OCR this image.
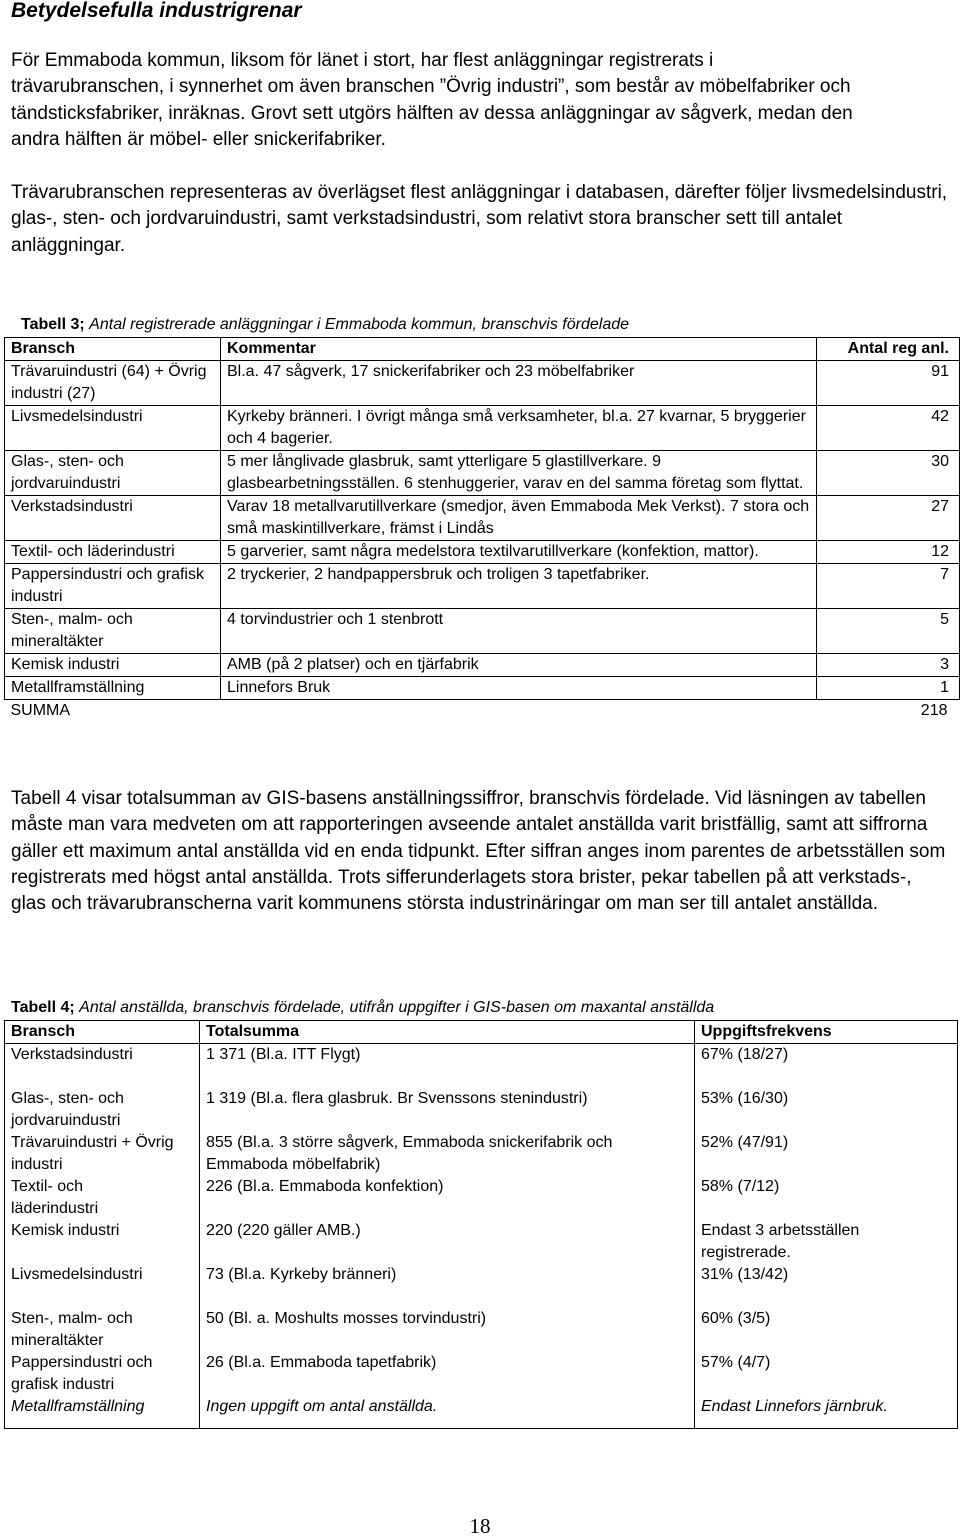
Betydelsefulla industrigrenar

För Emmaboda kommun, liksom för länet i stort, har flest anläggningar registrerats i trävarubranschen, i synnerhet om även branschen ”Övrig industri”, som består av möbelfabriker och tändsticksfabriker, inräknas. Grovt sett utgörs hälften av dessa anläggningar av sågverk, medan den andra hälften är möbel- eller snickerifabriker.

Trävarubranschen representeras av överlägset flest anläggningar i databasen, därefter följer livsmedelsindustri, glas-, sten- och jordvaruindustri, samt verkstadsindustri, som relativt stora branscher sett till antalet anläggningar.

Tabell 3; Antal registrerade anläggningar i Emmaboda kommun, branschvis fördelade
Bransch	Kommentar	Antal reg anl.
Trävaruindustri (64) + Övrig industri (27)	Bl.a. 47 sågverk, 17 snickerifabriker och 23 möbelfabriker	91
Livsmedelsindustri	Kyrkeby bränneri. I övrigt många små verksamheter, bl.a. 27 kvarnar, 5 bryggerier och 4 bagerier.	42
Glas-, sten- och jordvaruindustri	5 mer långlivade glasbruk, samt ytterligare 5 glastillverkare. 9 glasbearbetningsställen. 6 stenhuggerier, varav en del samma företag som flyttat.	30
Verkstadsindustri	Varav 18 metallvarutillverkare (smedjor, även Emmaboda Mek Verkst). 7 stora och små maskintillverkare, främst i Lindås	27
Textil- och läderindustri	5 garverier, samt några medelstora textilvarutillverkare (konfektion, mattor).	12
Pappersindustri och grafisk industri	2 tryckerier, 2 handpappersbruk och troligen 3 tapetfabriker.	7
Sten-, malm- och mineraltäkter	4 torvindustrier och 1 stenbrott	5
Kemisk industri	AMB (på 2 platser) och en tjärfabrik	3
Metallframställning	Linnefors Bruk	1
SUMMA		218

Tabell 4 visar totalsumman av GIS-basens anställningssiffror, branschvis fördelade. Vid läsningen av tabellen måste man vara medveten om att rapporteringen avseende antalet anställda varit bristfällig, samt att siffrorna gäller ett maximum antal anställda vid en enda tidpunkt. Efter siffran anges inom parentes de arbetsställen som registrerats med högst antal anställda. Trots sifferunderlagets stora brister, pekar tabellen på att verkstads-, glas och trävarubranscherna varit kommunens största industrinäringar om man ser till antalet anställda.

Tabell 4; Antal anställda, branschvis fördelade, utifrån uppgifter i GIS-basen om maxantal anställda
Bransch	Totalsumma	Uppgiftsfrekvens
Verkstadsindustri	1 371 (Bl.a. ITT Flygt)	67% (18/27)
Glas-, sten- och jordvaruindustri	1 319 (Bl.a. flera glasbruk. Br Svenssons stenindustri)	53% (16/30)
Trävaruindustri + Övrig industri	855 (Bl.a. 3 större sågverk, Emmaboda snickerifabrik och Emmaboda möbelfabrik)	52% (47/91)
Textil- och läderindustri	226 (Bl.a. Emmaboda konfektion)	58% (7/12)
Kemisk industri	220 (220 gäller AMB.)	Endast 3 arbetsställen registrerade.
Livsmedelsindustri	73 (Bl.a. Kyrkeby bränneri)	31% (13/42)
Sten-, malm- och mineraltäkter	50 (Bl. a. Moshults mosses torvindustri)	60% (3/5)
Pappersindustri och grafisk industri	26 (Bl.a. Emmaboda tapetfabrik)	57% (4/7)
Metallframställning	Ingen uppgift om antal anställda.	Endast Linnefors järnbruk.
18
